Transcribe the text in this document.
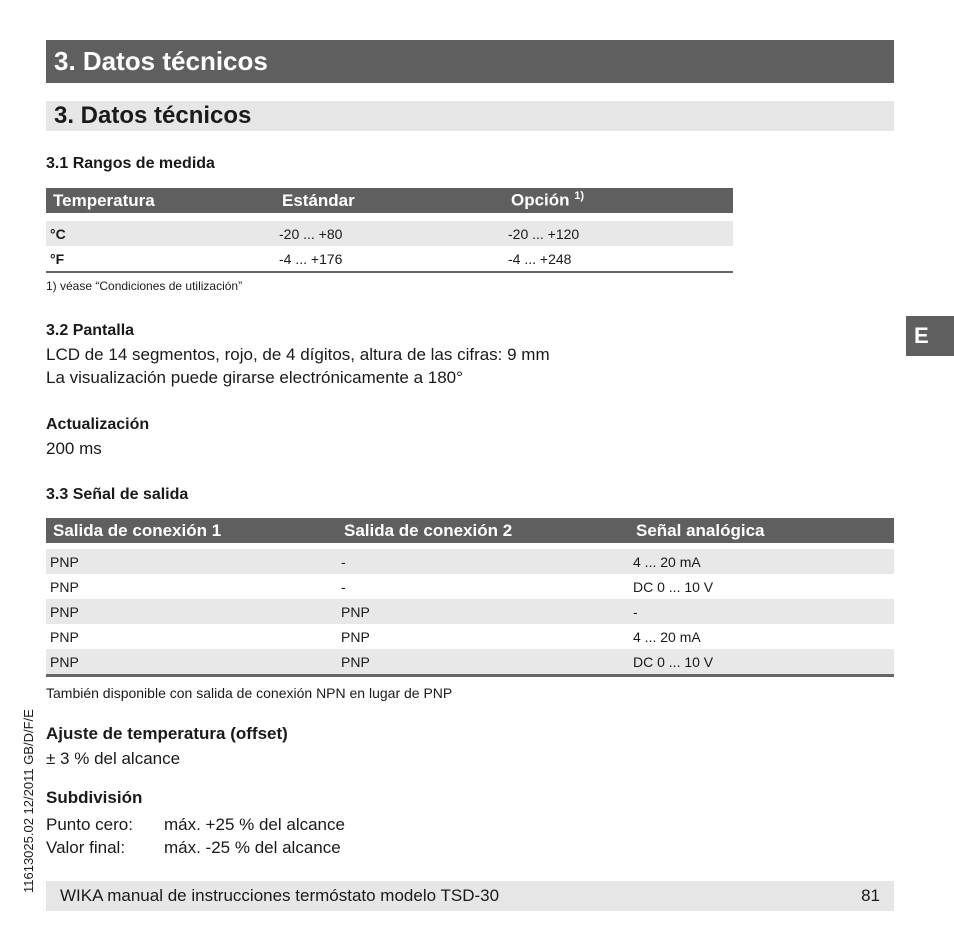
3. Datos técnicos
3. Datos técnicos
3.1 Rangos de medida
Temperatura	Estándar	Opción $^{1)}$

°C	-20 ... +80	-20 ... +120
°F	-4 ... +176	-4 ... +248
1) véase “Condiciones de utilización”
3.2 Pantalla
LCD de 14 segmentos, rojo, de 4 dígitos, altura de las cifras: 9 mm
La visualización puede girarse electrónicamente a 180°
Actualización
200 ms
3.3 Señal de salida
Salida de conexión 1	Salida de conexión 2	Señal analógica

PNP	-	4 ... 20 mA
PNP	-	DC 0 ... 10 V
PNP	PNP	-
PNP	PNP	4 ... 20 mA
PNP	PNP	DC 0 ... 10 V
También disponible con salida de conexión NPN en lugar de PNP
Ajuste de temperatura (offset)
± 3 % del alcance
Subdivisión
Punto cero:	máx. +25 % del alcance
Valor final:	máx. -25 % del alcance
E
11613025.02 12/2011 GB/D/F/E
WIKA manual de instrucciones termóstato modelo TSD-30	81
